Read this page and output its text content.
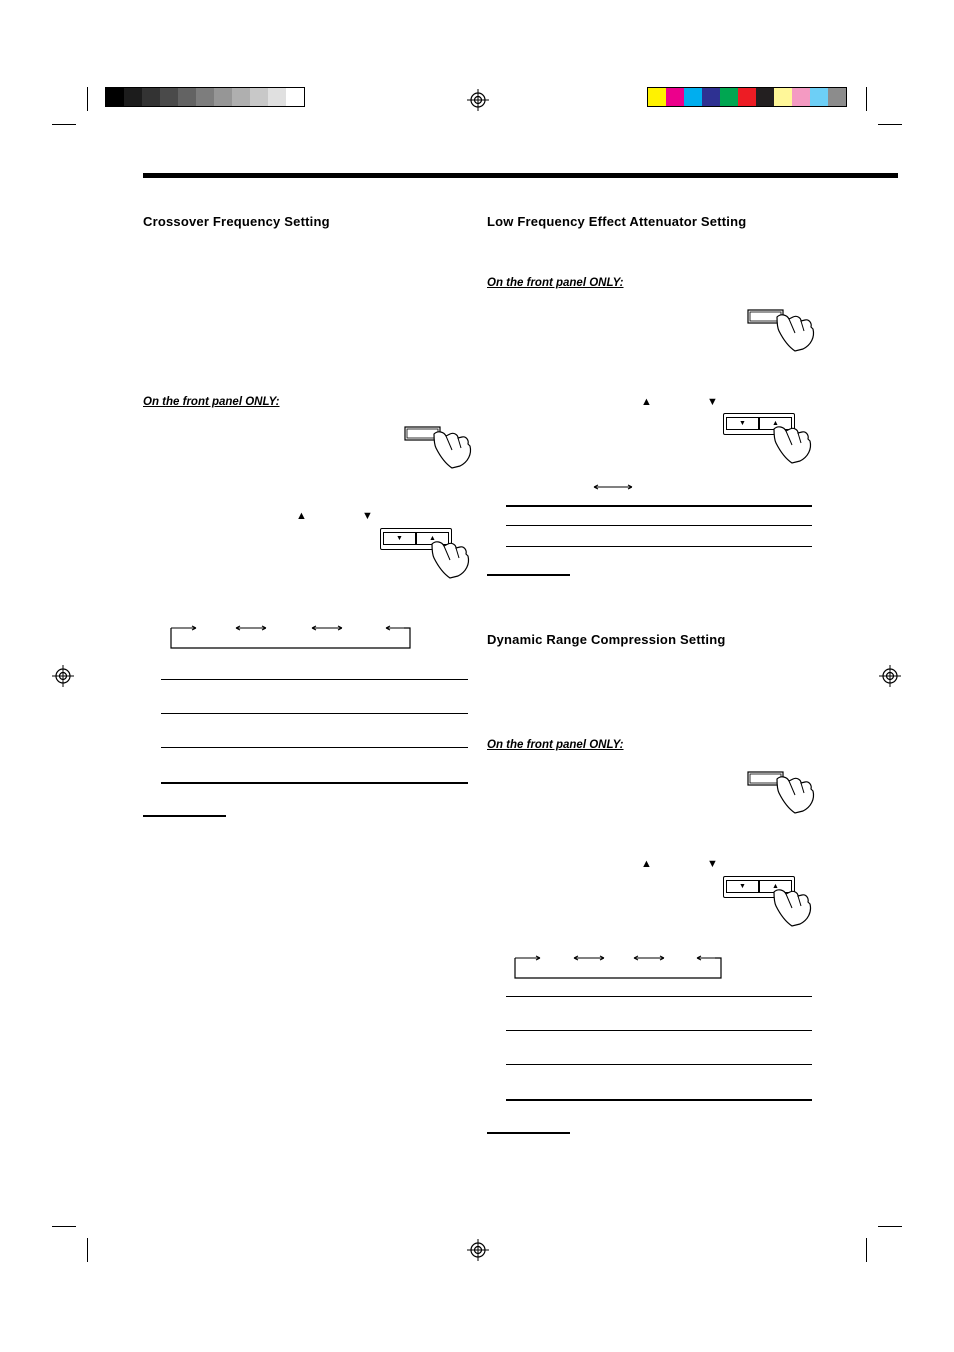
Crossover Frequency Setting

On the front panel ONLY:

▲	▼
▼	▲
Low Frequency Effect Attenuator Setting

On the front panel ONLY:

▲	▼
▼	▲
Dynamic Range Compression Setting

On the front panel ONLY:

▲	▼
▼	▲
